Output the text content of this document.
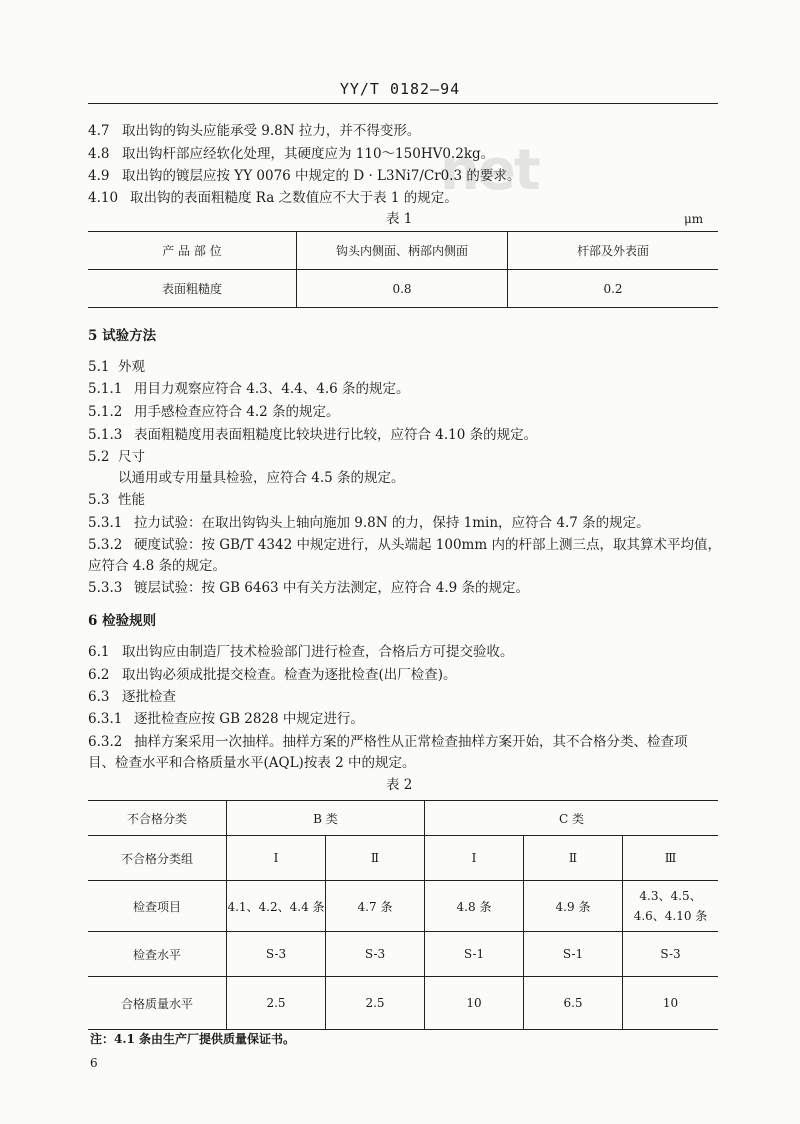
net
YY/T 0182—94
4.7 取出钩的钩头应能承受 9.8N 拉力，并不得变形。
4.8 取出钩杆部应经软化处理，其硬度应为 110～150HV0.2kg。
4.9 取出钩的镀层应按 YY 0076 中规定的 D · L3Ni7/Cr0.3 的要求。
4.10 取出钩的表面粗糙度 Ra 之数值应不大于表 1 的规定。
表 1	μm
产 品 部 位	钩头内侧面、柄部内侧面	杆部及外表面
表面粗糙度	0.8	0.2
5 试验方法
5.1 外观
5.1.1 用目力观察应符合 4.3、4.4、4.6 条的规定。
5.1.2 用手感检查应符合 4.2 条的规定。
5.1.3 表面粗糙度用表面粗糙度比较块进行比较，应符合 4.10 条的规定。
5.2 尺寸
以通用或专用量具检验，应符合 4.5 条的规定。
5.3 性能
5.3.1 拉力试验：在取出钩钩头上轴向施加 9.8N 的力，保持 1min，应符合 4.7 条的规定。
5.3.2 硬度试验：按 GB/T 4342 中规定进行，从头端起 100mm 内的杆部上测三点，取其算术平均值，
应符合 4.8 条的规定。
5.3.3 镀层试验：按 GB 6463 中有关方法测定，应符合 4.9 条的规定。
6 检验规则
6.1 取出钩应由制造厂技术检验部门进行检查，合格后方可提交验收。
6.2 取出钩必须成批提交检查。检查为逐批检查(出厂检查)。
6.3 逐批检查
6.3.1 逐批检查应按 GB 2828 中规定进行。
6.3.2 抽样方案采用一次抽样。抽样方案的严格性从正常检查抽样方案开始，其不合格分类、检查项
目、检查水平和合格质量水平(AQL)按表 2 中的规定。
表 2
不合格分类	B 类		C 类		
不合格分类组	Ⅰ	Ⅱ	Ⅰ	Ⅱ	Ⅲ
检查项目	4.1、4.2、4.4 条	4.7 条	4.8 条	4.9 条	4.3、4.5、
4.6、4.10 条
检查水平	S-3	S-3	S-1	S-1	S-3
合格质量水平	2.5	2.5	10	6.5	10
注：4.1 条由生产厂提供质量保证书。
6
